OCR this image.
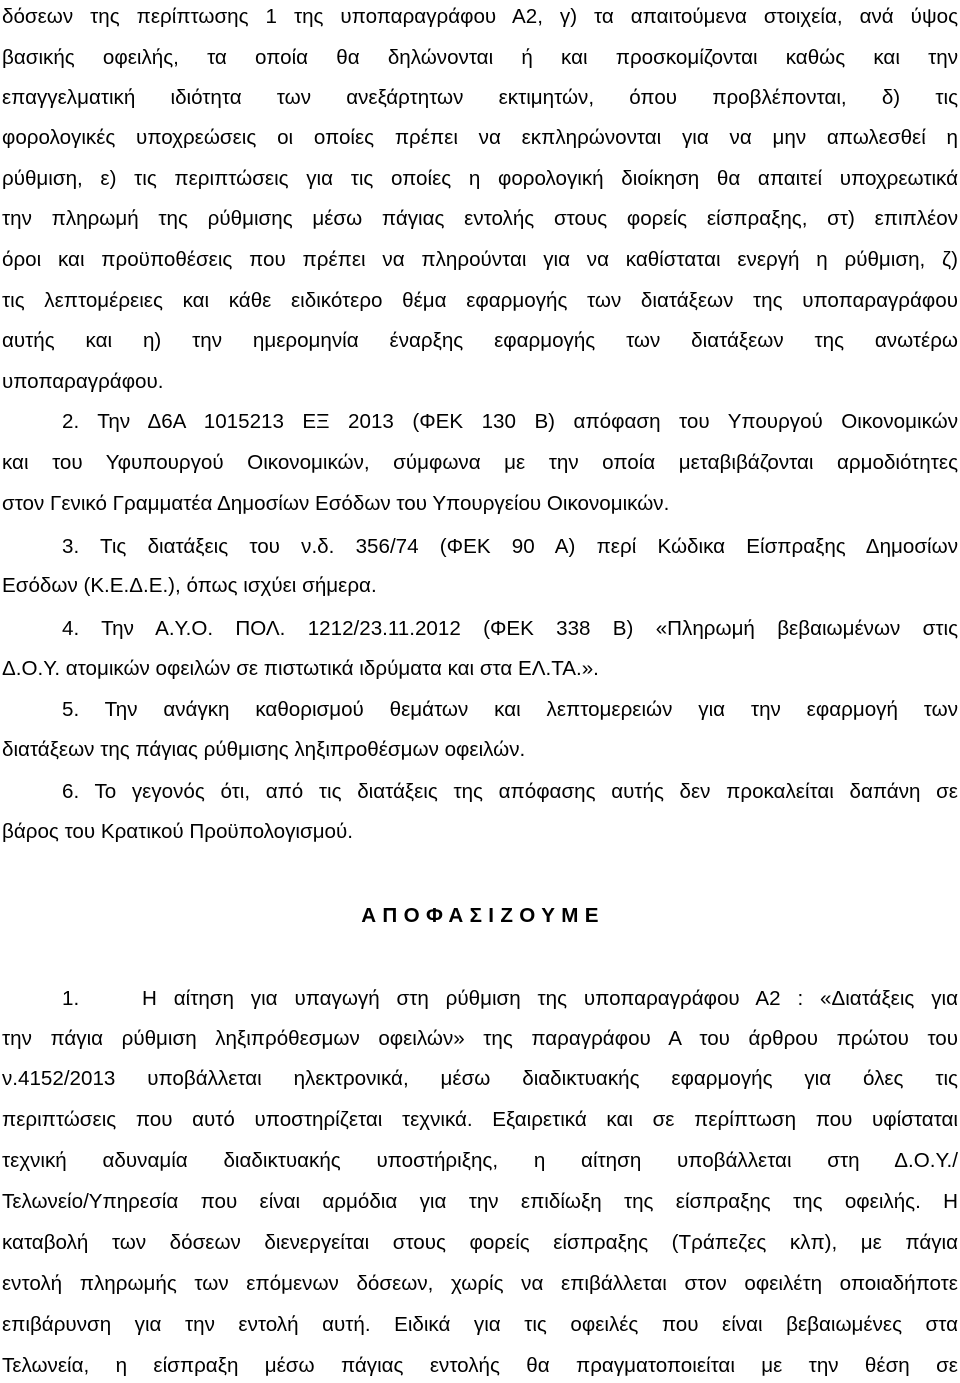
δόσεων της περίπτωσης 1 της υποπαραγράφου Α2, γ) τα απαιτούμενα στοιχεία, ανά ύψος
βασικής οφειλής, τα οποία θα δηλώνονται ή και προσκομίζονται καθώς και την
επαγγελματική ιδιότητα των ανεξάρτητων εκτιμητών, όπου προβλέπονται, δ) τις
φορολογικές υποχρεώσεις οι οποίες πρέπει να εκπληρώνονται για να μην απωλεσθεί η
ρύθμιση, ε) τις περιπτώσεις για τις οποίες η φορολογική διοίκηση θα απαιτεί υποχρεωτικά
την πληρωμή της ρύθμισης μέσω πάγιας εντολής στους φορείς είσπραξης, στ) επιπλέον
όροι και προϋποθέσεις που πρέπει να πληρούνται για να καθίσταται ενεργή η ρύθμιση, ζ)
τις λεπτομέρειες και κάθε ειδικότερο θέμα εφαρμογής των διατάξεων της υποπαραγράφου
αυτής και η) την ημερομηνία έναρξης εφαρμογής των διατάξεων της ανωτέρω
υποπαραγράφου.
2. Την Δ6Α 1015213 ΕΞ 2013 (ΦΕΚ 130 Β) απόφαση του Υπουργού Οικονομικών
και του Υφυπουργού Οικονομικών, σύμφωνα με την οποία μεταβιβάζονται αρμοδιότητες
στον Γενικό Γραμματέα Δημοσίων Εσόδων του Υπουργείου Οικονομικών.
3. Τις διατάξεις του ν.δ. 356/74 (ΦΕΚ 90 Α) περί Κώδικα Είσπραξης Δημοσίων
Εσόδων (Κ.Ε.Δ.Ε.), όπως ισχύει σήμερα.
4. Την Α.Υ.Ο. ΠΟΛ. 1212/23.11.2012 (ΦΕΚ 338 Β) «Πληρωμή βεβαιωμένων στις
Δ.Ο.Υ. ατομικών οφειλών σε πιστωτικά ιδρύματα και στα ΕΛ.ΤΑ.».
5. Την ανάγκη καθορισμού θεμάτων και λεπτομερειών για την εφαρμογή των
διατάξεων της πάγιας ρύθμισης ληξιπροθέσμων οφειλών.
6. Το γεγονός ότι, από τις διατάξεις της απόφασης αυτής δεν προκαλείται δαπάνη σε
βάρος του Κρατικού Προϋπολογισμού.
Α Π Ο Φ Α Σ Ι Ζ Ο Υ Μ Ε
1.	Η αίτηση για υπαγωγή στη ρύθμιση της υποπαραγράφου Α2 : «Διατάξεις για
την πάγια ρύθμιση ληξιπρόθεσμων οφειλών» της παραγράφου Α του άρθρου πρώτου του
ν.4152/2013 υποβάλλεται ηλεκτρονικά, μέσω διαδικτυακής εφαρμογής για όλες τις
περιπτώσεις που αυτό υποστηρίζεται τεχνικά. Εξαιρετικά και σε περίπτωση που υφίσταται
τεχνική αδυναμία διαδικτυακής υποστήριξης, η αίτηση υποβάλλεται στη Δ.Ο.Υ./
Τελωνείο/Υπηρεσία που είναι αρμόδια για την επιδίωξη της είσπραξης της οφειλής. Η
καταβολή των δόσεων διενεργείται στους φορείς είσπραξης (Τράπεζες κλπ), με πάγια
εντολή πληρωμής των επόμενων δόσεων, χωρίς να επιβάλλεται στον οφειλέτη οποιαδήποτε
επιβάρυνση για την εντολή αυτή. Ειδικά για τις οφειλές που είναι βεβαιωμένες στα
Τελωνεία, η είσπραξη μέσω πάγιας εντολής θα πραγματοποιείται με την θέση σε
